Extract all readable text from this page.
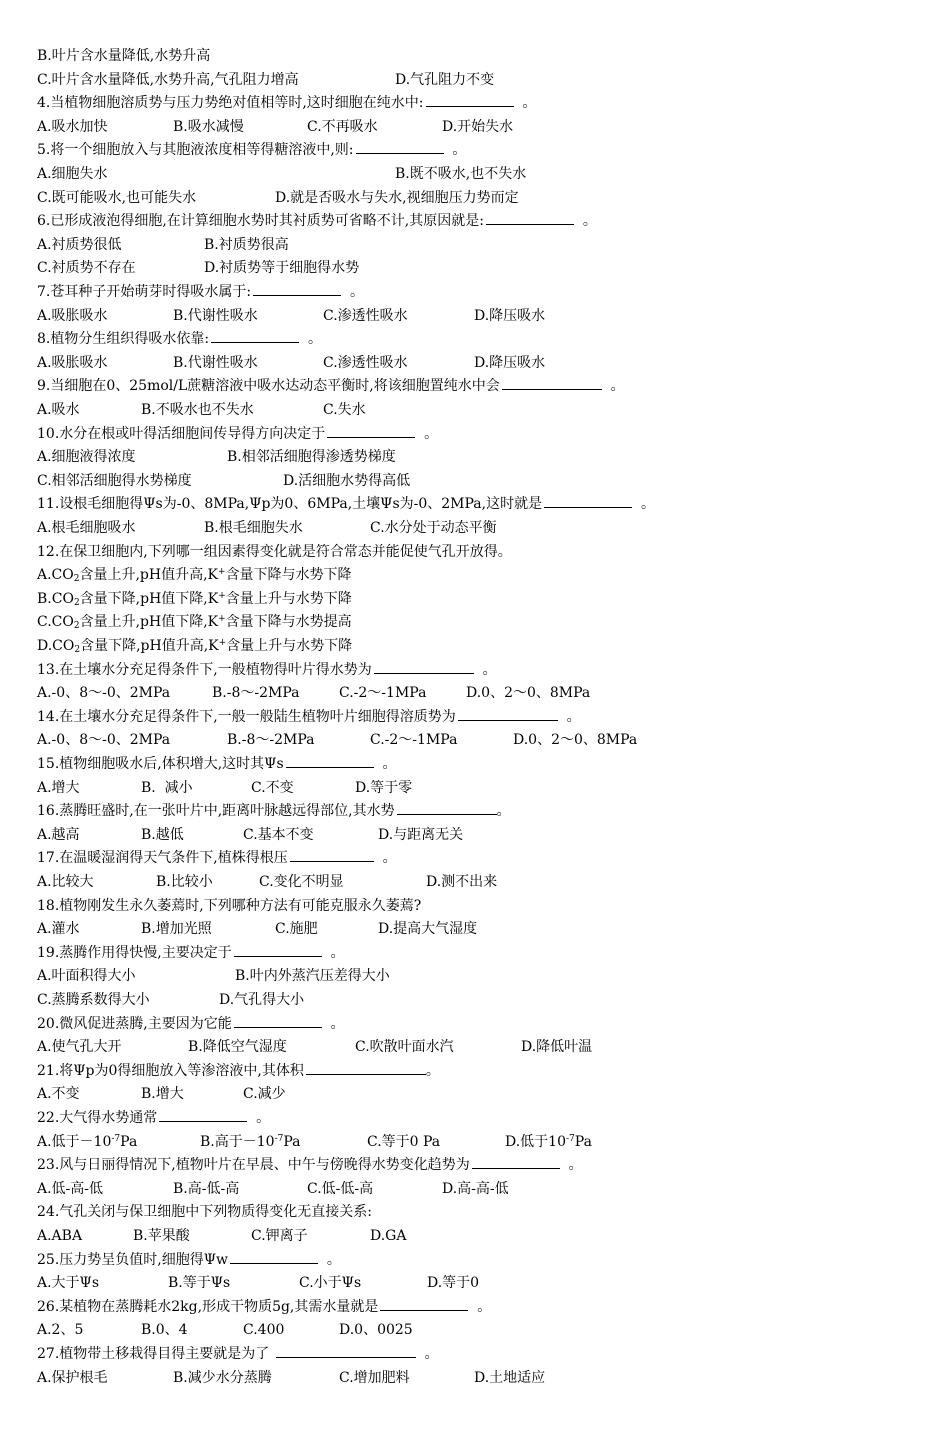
B.叶片含水量降低,水势升高
C.叶片含水量降低,水势升高,气孔阻力增高	D.气孔阻力不变
4.当植物细胞溶质势与压力势绝对值相等时,这时细胞在纯水中:	。
A.吸水加快	B.吸水减慢	C.不再吸水	D.开始失水
5.将一个细胞放入与其胞液浓度相等得糖溶液中,则:	。
A.细胞失水	B.既不吸水,也不失水
C.既可能吸水,也可能失水	D.就是否吸水与失水,视细胞压力势而定
6.已形成液泡得细胞,在计算细胞水势时其衬质势可省略不计,其原因就是:	。
A.衬质势很低	B.衬质势很高
C.衬质势不存在	D.衬质势等于细胞得水势
7.苍耳种子开始萌芽时得吸水属于:	。
A.吸胀吸水	B.代谢性吸水	C.渗透性吸水	D.降压吸水
8.植物分生组织得吸水依靠:	。
A.吸胀吸水	B.代谢性吸水	C.渗透性吸水	D.降压吸水
9.当细胞在0、25mol/L蔗糖溶液中吸水达动态平衡时,将该细胞置纯水中会	。
A.吸水	B.不吸水也不失水	C.失水
10.水分在根或叶得活细胞间传导得方向决定于	。
A.细胞液得浓度	B.相邻活细胞得渗透势梯度
C.相邻活细胞得水势梯度	D.活细胞水势得高低
11.设根毛细胞得Ψs为-0、8MPa,Ψp为0、6MPa,土壤Ψs为-0、2MPa,这时就是	。
A.根毛细胞吸水	B.根毛细胞失水	C.水分处于动态平衡
12.在保卫细胞内,下列哪一组因素得变化就是符合常态并能促使气孔开放得。
$A.CO_2$含量上升,pH值升高,K+含量下降与水势下降
$B.CO_2$含量下降,pH值下降,K+含量上升与水势下降
$C.CO_2$含量上升,pH值下降,K+含量下降与水势提高
$D.CO_2$含量下降,pH值升高,K+含量上升与水势下降
13.在土壤水分充足得条件下,一般植物得叶片得水势为	。
A.-0、8～-0、2MPa	B.-8～-2MPa	C.-2～-1MPa	D.0、2～0、8MPa
14.在土壤水分充足得条件下,一般一般陆生植物叶片细胞得溶质势为	。
A.-0、8～-0、2MPa	B.-8～-2MPa	C.-2～-1MPa	D.0、2～0、8MPa
15.植物细胞吸水后,体积增大,这时其Ψs	。
A.增大	B.  减小	C.不变	D.等于零
16.蒸腾旺盛时,在一张叶片中,距离叶脉越远得部位,其水势	。
A.越高	B.越低	C.基本不变	D.与距离无关
17.在温暖湿润得天气条件下,植株得根压	。
A.比较大	B.比较小	C.变化不明显	D.测不出来
18.植物刚发生永久萎蔫时,下列哪种方法有可能克服永久萎蔫?
A.灌水	B.增加光照	C.施肥	D.提高大气湿度
19.蒸腾作用得快慢,主要决定于	。
A.叶面积得大小	B.叶内外蒸汽压差得大小
C.蒸腾系数得大小	D.气孔得大小
20.微风促进蒸腾,主要因为它能	。
A.使气孔大开	B.降低空气湿度	C.吹散叶面水汽	D.降低叶温
21.将Ψp为0得细胞放入等渗溶液中,其体积	。
A.不变	B.增大	C.减少
22.大气得水势通常	。
A.低于$-10^{-7}Pa$	B.高于$-10^{-7}Pa$	C.等于0 Pa	D.低于$10^{-7}Pa$
23.风与日丽得情况下,植物叶片在早晨、中午与傍晚得水势变化趋势为	。
A.低-高-低	B.高-低-高	C.低-低-高	D.高-高-低
24.气孔关闭与保卫细胞中下列物质得变化无直接关系:
A.ABA	B.苹果酸	C.钾离子	D.GA
25.压力势呈负值时,细胞得Ψw	。
A.大于Ψs	B.等于Ψs	C.小于Ψs	D.等于0
26.某植物在蒸腾耗水2kg,形成干物质5g,其需水量就是	。
A.2、5	B.0、4	C.400	D.0、0025
27.植物带土移栽得目得主要就是为了	。
A.保护根毛	B.减少水分蒸腾	C.增加肥料	D.土地适应
